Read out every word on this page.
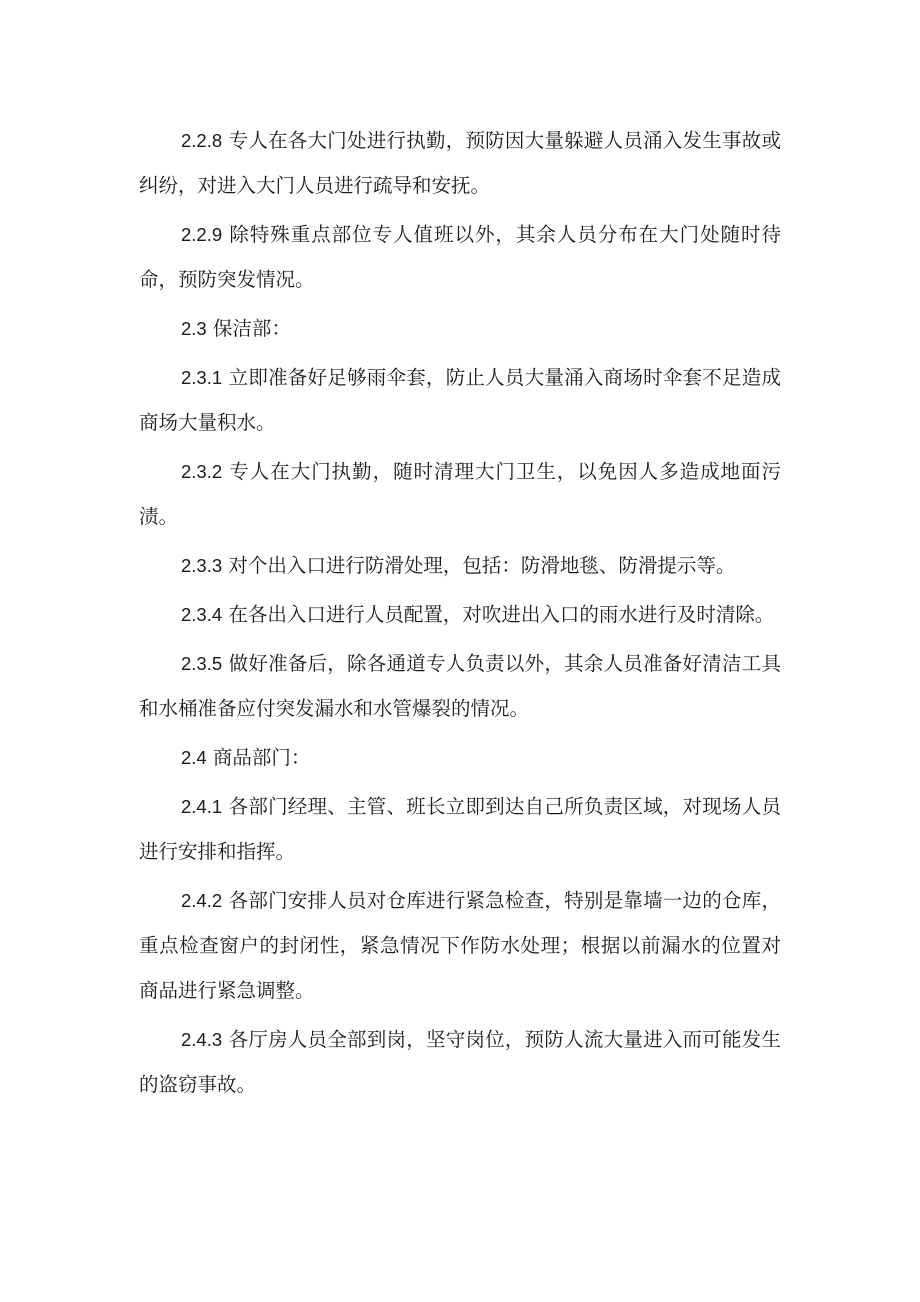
2.2.8 专人在各大门处进行执勤，预防因大量躲避人员涌入发生事故或纠纷，对进入大门人员进行疏导和安抚。

2.2.9 除特殊重点部位专人值班以外，其余人员分布在大门处随时待命，预防突发情况。

2.3 保洁部：

2.3.1 立即准备好足够雨伞套，防止人员大量涌入商场时伞套不足造成商场大量积水。

2.3.2 专人在大门执勤，随时清理大门卫生，以免因人多造成地面污渍。

2.3.3 对个出入口进行防滑处理，包括：防滑地毯、防滑提示等。

2.3.4 在各出入口进行人员配置，对吹进出入口的雨水进行及时清除。

2.3.5 做好准备后，除各通道专人负责以外，其余人员准备好清洁工具和水桶准备应付突发漏水和水管爆裂的情况。

2.4 商品部门：

2.4.1 各部门经理、主管、班长立即到达自己所负责区域，对现场人员进行安排和指挥。

2.4.2 各部门安排人员对仓库进行紧急检查，特别是靠墙一边的仓库，重点检查窗户的封闭性，紧急情况下作防水处理；根据以前漏水的位置对商品进行紧急调整。

2.4.3 各厅房人员全部到岗，坚守岗位，预防人流大量进入而可能发生的盗窃事故。
